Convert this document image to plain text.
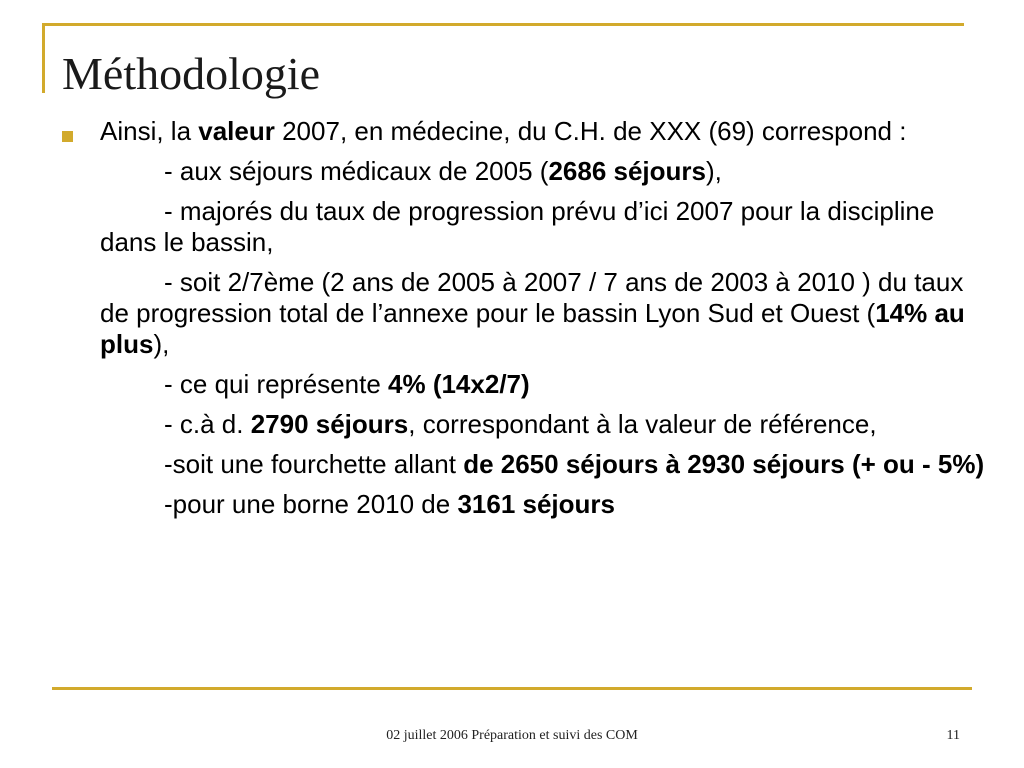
Méthodologie

Ainsi, la valeur 2007, en médecine, du C.H. de XXX (69) correspond :

- aux séjours médicaux de 2005 (2686 séjours),

- majorés du taux de progression prévu d’ici 2007 pour la discipline dans le bassin,

- soit 2/7ème (2 ans de 2005 à 2007 / 7 ans de 2003 à 2010 ) du taux de progression total de l’annexe pour le bassin Lyon Sud et Ouest (14% au plus),

- ce qui représente 4% (14x2/7)

- c.à d. 2790 séjours, correspondant à la valeur de référence,

-soit une fourchette allant de 2650 séjours à 2930 séjours (+ ou - 5%)

-pour une borne 2010 de 3161 séjours

02 juillet 2006 Préparation et suivi des COM	11
